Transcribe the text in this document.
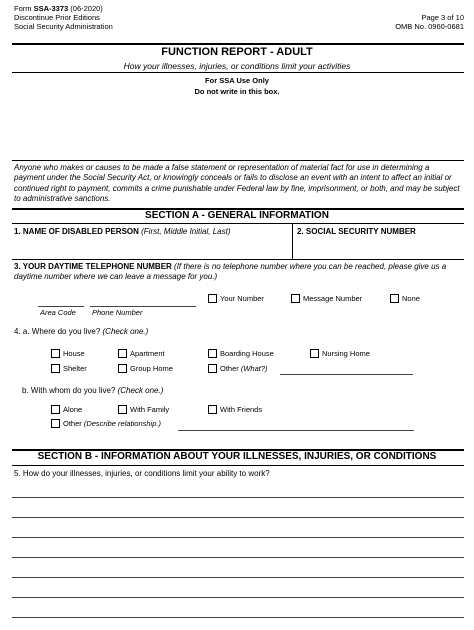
Form SSA-3373 (06-2020)
Discontinue Prior Editions
Social Security Administration
Page 3 of 10
OMB No. 0960-0681
FUNCTION REPORT - ADULT
How your illnesses, injuries, or conditions limit your activities
For SSA Use Only
Do not write in this box.
Anyone who makes or causes to be made a false statement or representation of material fact for use in determining a payment under the Social Security Act, or knowingly conceals or fails to disclose an event with an intent to affect an initial or continued right to payment, commits a crime punishable under Federal law by fine, imprisonment, or both, and may be subject to administrative sanctions.
SECTION A - GENERAL INFORMATION
1. NAME OF DISABLED PERSON (First, Middle Initial, Last)	2. SOCIAL SECURITY NUMBER
3. YOUR DAYTIME TELEPHONE NUMBER (If there is no telephone number where you can be reached, please give us a daytime number where we can leave a message for you.)
Area Code Phone Number
Your Number	Message Number	None
4. a. Where do you live? (Check one.)
House	Apartment	Boarding House	Nursing Home
Shelter	Group Home	Other (What?)
b. With whom do you live? (Check one.)
Alone	With Family	With Friends
Other (Describe relationship.)
SECTION B - INFORMATION ABOUT YOUR ILLNESSES, INJURIES, OR CONDITIONS
5. How do your illnesses, injuries, or conditions limit your ability to work?
